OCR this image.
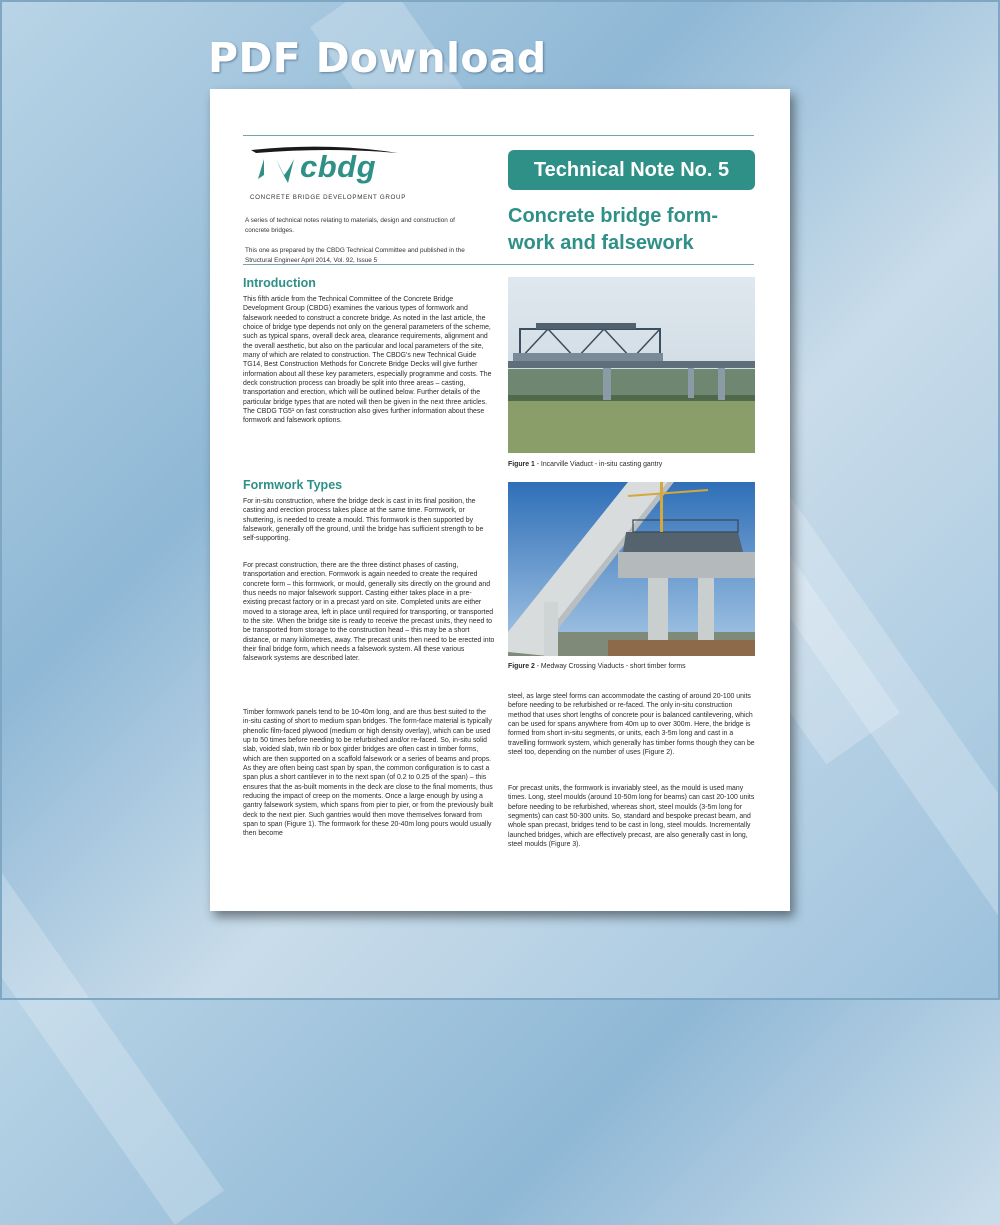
PDF Download
cbdg
CONCRETE BRIDGE DEVELOPMENT GROUP

A series of technical notes relating to materials, design and construction of concrete bridges.

This one as prepared by the CBDG Technical Committee and published in the Structural Engineer April 2014, Vol. 92, Issue 5

Technical Note No. 5
Concrete bridge form-work and falsework
Introduction

This fifth article from the Technical Committee of the Concrete Bridge Development Group (CBDG) examines the various types of formwork and falsework needed to construct a concrete bridge. As noted in the last article, the choice of bridge type depends not only on the general parameters of the scheme, such as typical spans, overall deck area, clearance requirements, alignment and the overall aesthetic, but also on the particular and local parameters of the site, many of which are related to construction. The CBDG's new Technical Guide TG14, Best Construction Methods for Concrete Bridge Decks will give further information about all these key parameters, especially programme and costs. The deck construction process can broadly be split into three areas – casting, transportation and erection, which will be outlined below. Further details of the particular bridge types that are noted will then be given in the next three articles. The CBDG TG5¹ on fast construction also gives further information about these formwork and falsework options.

Formwork Types

For in-situ construction, where the bridge deck is cast in its final position, the casting and erection process takes place at the same time. Formwork, or shuttering, is needed to create a mould. This formwork is then supported by falsework, generally off the ground, until the bridge has sufficient strength to be self-supporting.

For precast construction, there are the three distinct phases of casting, transportation and erection. Formwork is again needed to create the required concrete form – this formwork, or mould, generally sits directly on the ground and thus needs no major falsework support. Casting either takes place in a pre-existing precast factory or in a precast yard on site. Completed units are either moved to a storage area, left in place until required for transporting, or transported to the site. When the bridge site is ready to receive the precast units, they need to be transported from storage to the construction head – this may be a short distance, or many kilometres, away. The precast units then need to be erected into their final bridge form, which needs a falsework system. All these various falsework systems are described later.

Timber formwork panels tend to be 10-40m long, and are thus best suited to the in-situ casting of short to medium span bridges. The form-face material is typically phenolic film-faced plywood (medium or high density overlay), which can be used up to 50 times before needing to be refurbished and/or re-faced. So, in-situ solid slab, voided slab, twin rib or box girder bridges are often cast in timber forms, which are then supported on a scaffold falsework or a series of beams and props. As they are often being cast span by span, the common configuration is to cast a span plus a short cantilever in to the next span (of 0.2 to 0.25 of the span) – this ensures that the as-built moments in the deck are close to the final moments, thus reducing the impact of creep on the moments. Once a large enough by using a gantry falsework system, which spans from pier to pier, or from the previously built deck to the next pier. Such gantries would then move themselves forward from span to span (Figure 1). The formwork for these 20-40m long pours would usually then become

Figure 1 - Incarville Viaduct - in-situ casting gantry

Figure 2 - Medway Crossing Viaducts - short timber forms

steel, as large steel forms can accommodate the casting of around 20-100 units before needing to be refurbished or re-faced. The only in-situ construction method that uses short lengths of concrete pour is balanced cantilevering, which can be used for spans anywhere from 40m up to over 300m. Here, the bridge is formed from short in-situ segments, or units, each 3-5m long and cast in a travelling formwork system, which generally has timber forms though they can be steel too, depending on the number of uses (Figure 2).

For precast units, the formwork is invariably steel, as the mould is used many times. Long, steel moulds (around 10-50m long for beams) can cast 20-100 units before needing to be refurbished, whereas short, steel moulds (3-5m long for segments) can cast 50-300 units. So, standard and bespoke precast beam, and whole span precast, bridges tend to be cast in long, steel moulds. Incrementally launched bridges, which are effectively precast, are also generally cast in long, steel moulds (Figure 3).
